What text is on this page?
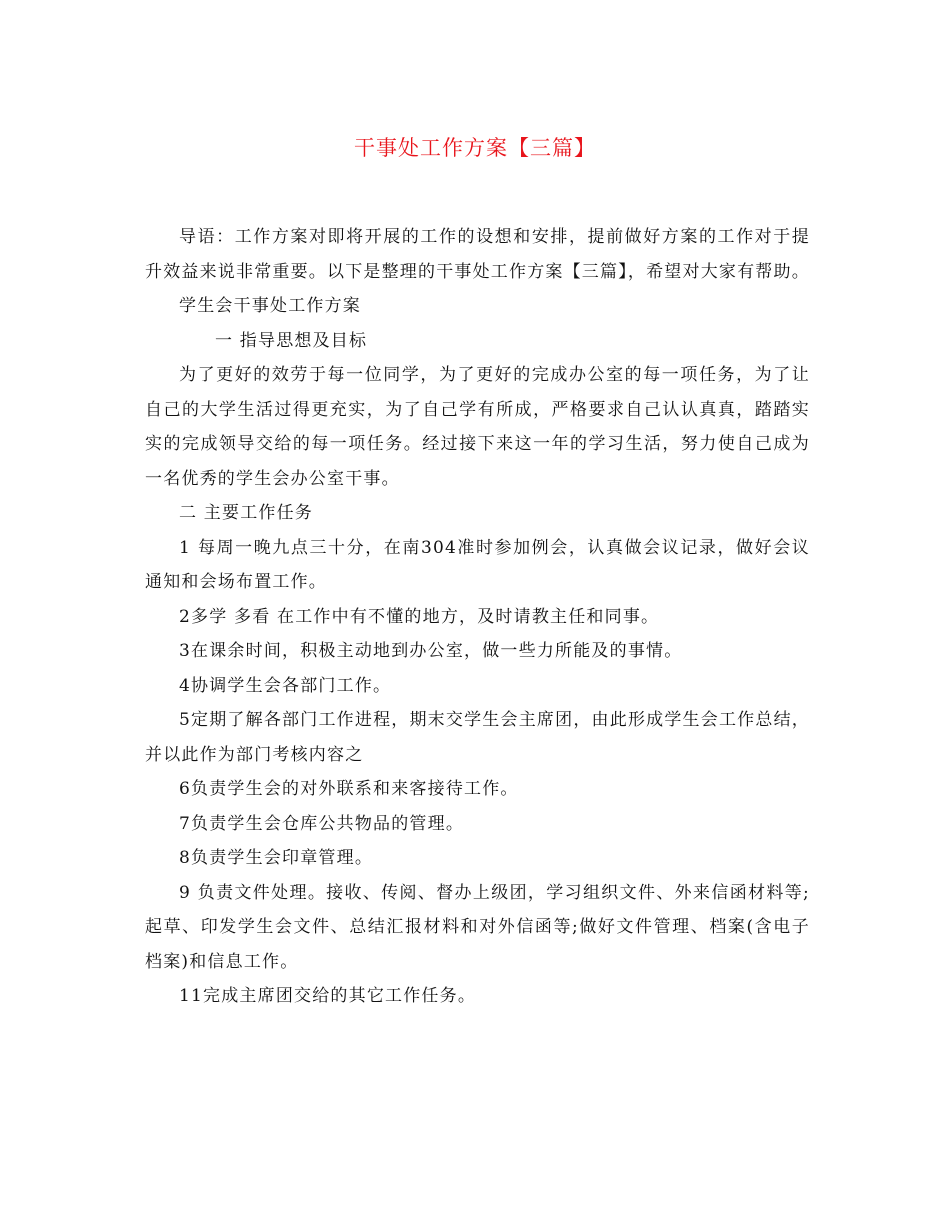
干事处工作方案【三篇】

导语：工作方案对即将开展的工作的设想和安排，提前做好方案的工作对于提升效益来说非常重要。以下是整理的干事处工作方案【三篇】，希望对大家有帮助。

学生会干事处工作方案

一 指导思想及目标

为了更好的效劳于每一位同学，为了更好的完成办公室的每一项任务，为了让自己的大学生活过得更充实，为了自己学有所成，严格要求自己认认真真，踏踏实实的完成领导交给的每一项任务。经过接下来这一年的学习生活，努力使自己成为一名优秀的学生会办公室干事。

二 主要工作任务

1 每周一晚九点三十分，在南304准时参加例会，认真做会议记录，做好会议通知和会场布置工作。

2多学 多看 在工作中有不懂的地方，及时请教主任和同事。

3在课余时间，积极主动地到办公室，做一些力所能及的事情。

4协调学生会各部门工作。

5定期了解各部门工作进程，期末交学生会主席团，由此形成学生会工作总结，并以此作为部门考核内容之

6负责学生会的对外联系和来客接待工作。

7负责学生会仓库公共物品的管理。

8负责学生会印章管理。

9 负责文件处理。接收、传阅、督办上级团，学习组织文件、外来信函材料等;起草、印发学生会文件、总结汇报材料和对外信函等;做好文件管理、档案(含电子档案)和信息工作。

11完成主席团交给的其它工作任务。
